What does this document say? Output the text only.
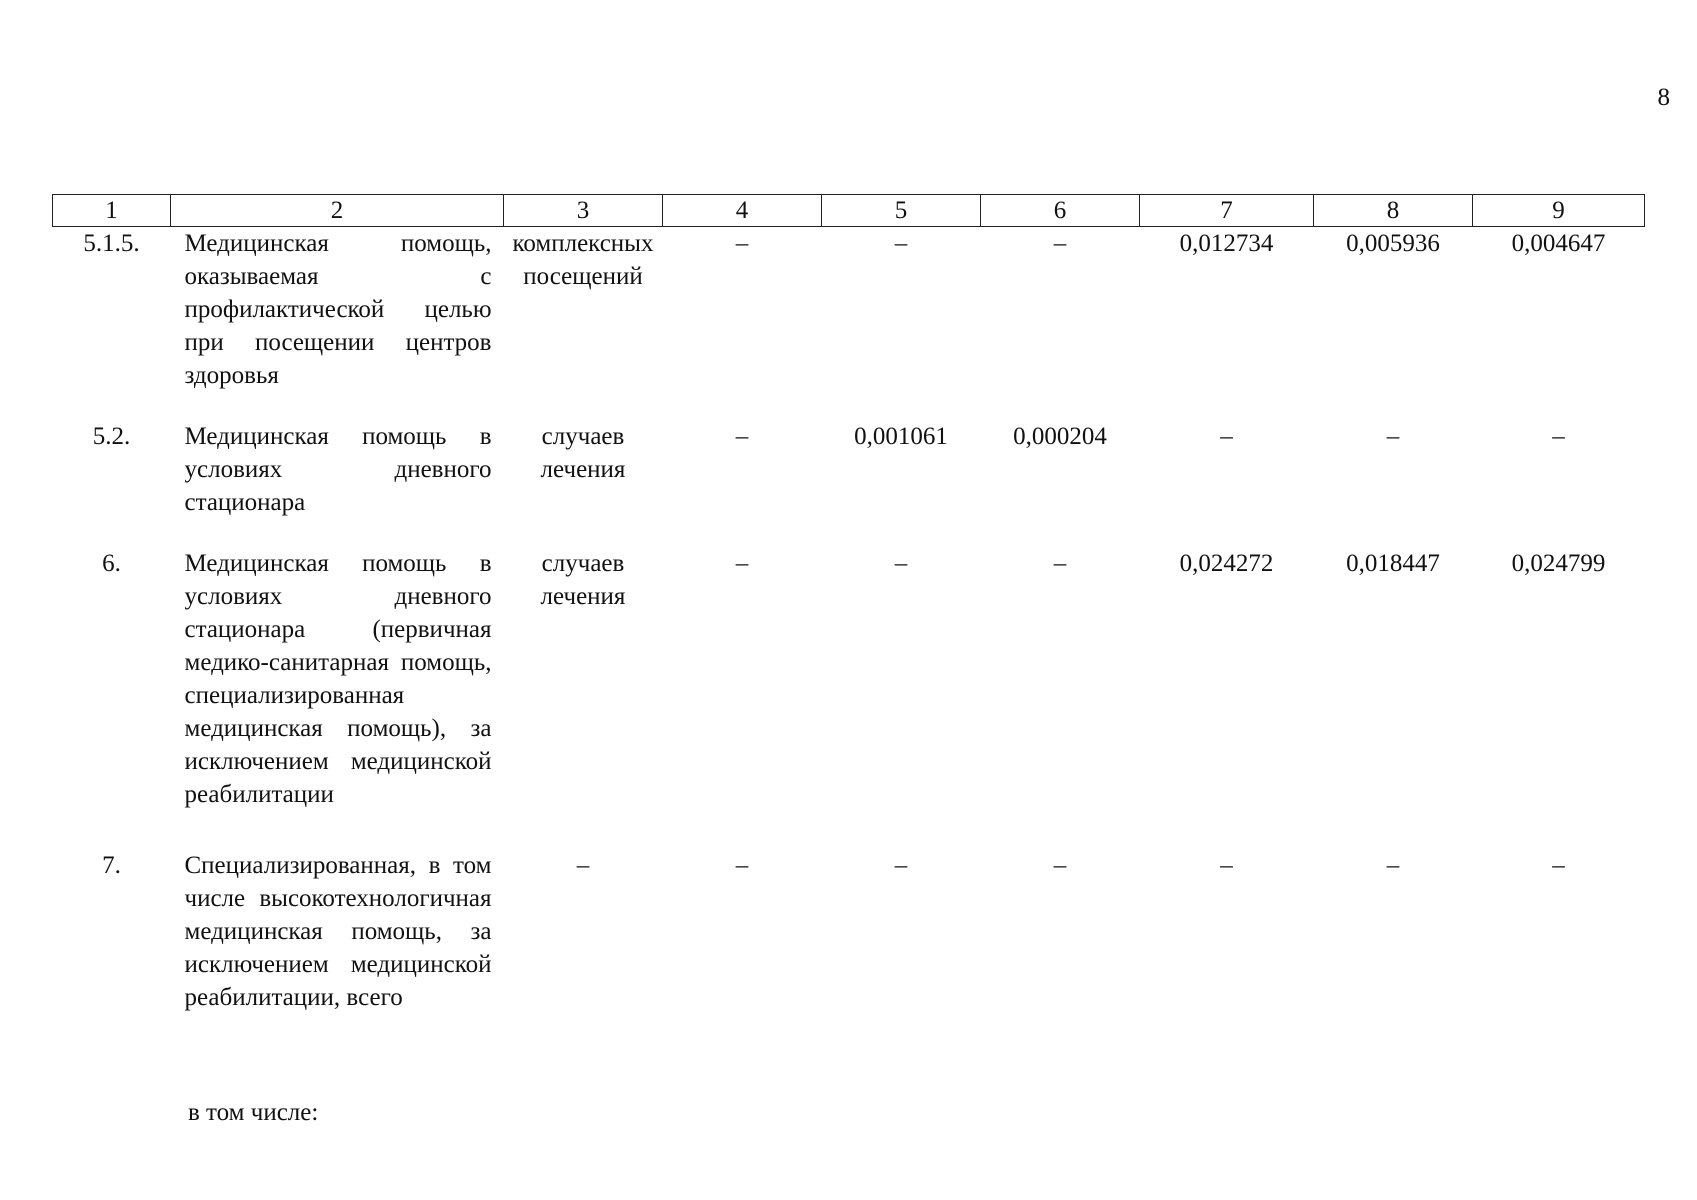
8
1	2	3	4	5	6	7	8	9
5.1.5.	Медицинская помощь, оказываемая с профилактической целью при посещении центров здоровья	комплексных посещений	–	–	–	0,012734	0,005936	0,004647

5.2.	Медицинская помощь в условиях дневного стационара	случаев лечения	–	0,001061	0,000204	–	–	–

6.	Медицинская помощь в условиях дневного стационара (первичная медико-санитарная помощь, специализированная медицинская помощь), за исключением медицинской реабилитации	случаев лечения	–	–	–	0,024272	0,018447	0,024799

7.	Специализированная, в том числе высокотехнологичная медицинская помощь, за исключением медицинской реабилитации, всего	–	–	–	–	–	–	–
в том числе:
